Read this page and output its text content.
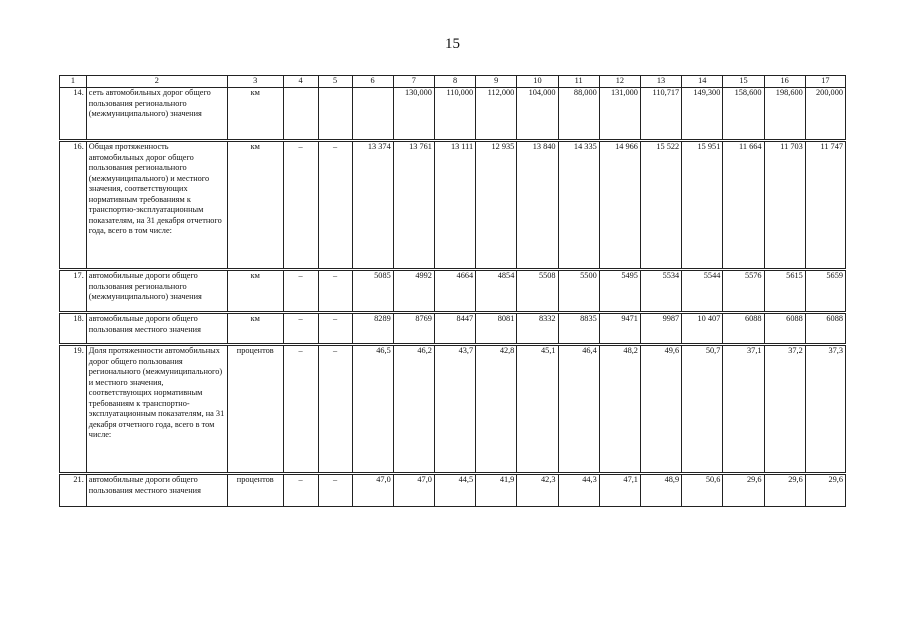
15
1	2	3	4	5	6	7	8	9	10	11	12	13	14	15	16	17
14.	сеть автомобильных дорог общего пользования регионального (межмуниципального) значения	км				130,000	110,000	112,000	104,000	88,000	131,000	110,717	149,300	158,600	198,600	200,000
16.	Общая протяженность автомобильных дорог общего пользования регионального (межмуниципального) и местного значения, соответствующих нормативным требованиям к транспортно-эксплуатационным показателям, на 31 декабря отчетного года, всего в том числе:	км	–	–	13 374	13 761	13 111	12 935	13 840	14 335	14 966	15 522	15 951	11 664	11 703	11 747
17.	автомобильные дороги общего пользования регионального (межмуниципального) значения	км	–	–	5085	4992	4664	4854	5508	5500	5495	5534	5544	5576	5615	5659
18.	автомобильные дороги общего пользования местного значения	км	–	–	8289	8769	8447	8081	8332	8835	9471	9987	10 407	6088	6088	6088
19.	Доля протяженности автомобильных дорог общего пользования регионального (межмуниципального) и местного значения, соответствующих нормативным требованиям к транспортно-эксплуатационным показателям, на 31 декабря отчетного года, всего в том числе:	процентов	–	–	46,5	46,2	43,7	42,8	45,1	46,4	48,2	49,6	50,7	37,1	37,2	37,3
21.	автомобильные дороги общего пользования местного значения	процентов	–	–	47,0	47,0	44,5	41,9	42,3	44,3	47,1	48,9	50,6	29,6	29,6	29,6
